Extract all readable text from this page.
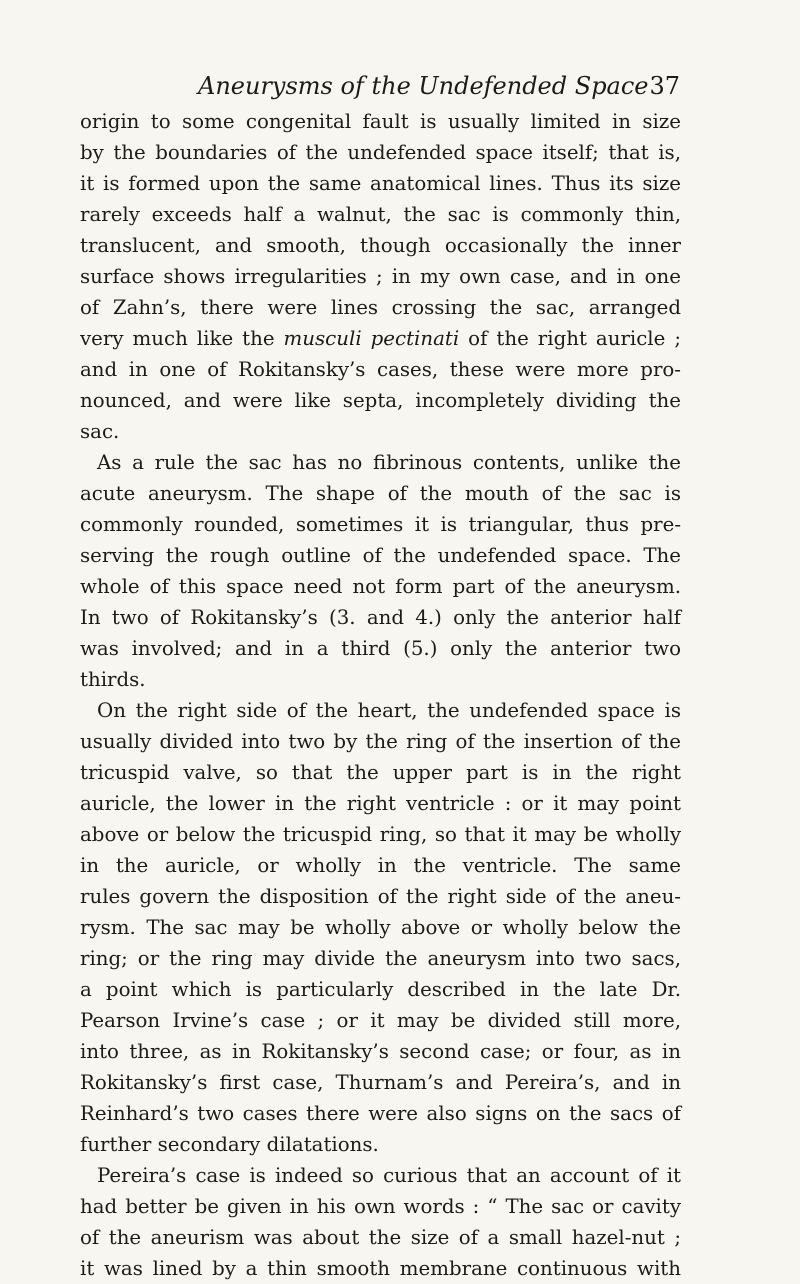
Aneurysms of the Undefended Space 37
origin to some congenital fault is usually limited in size
by the boundaries of the undefended space itself; that is,
it is formed upon the same anatomical lines. Thus its size
rarely exceeds half a walnut, the sac is commonly thin,
translucent, and smooth, though occasionally the inner
surface shows irregularities ; in my own case, and in one
of Zahn’s, there were lines crossing the sac, arranged
very much like the musculi pectinati of the right auricle ;
and in one of Rokitansky’s cases, these were more pro-
nounced, and were like septa, incompletely dividing the
sac.
As a rule the sac has no fibrinous contents, unlike the
acute aneurysm. The shape of the mouth of the sac is
commonly rounded, sometimes it is triangular, thus pre-
serving the rough outline of the undefended space. The
whole of this space need not form part of the aneurysm.
In two of Rokitansky’s (3. and 4.) only the anterior half
was involved; and in a third (5.) only the anterior two
thirds.
On the right side of the heart, the undefended space is
usually divided into two by the ring of the insertion of the
tricuspid valve, so that the upper part is in the right
auricle, the lower in the right ventricle : or it may point
above or below the tricuspid ring, so that it may be wholly
in the auricle, or wholly in the ventricle. The same
rules govern the disposition of the right side of the aneu-
rysm. The sac may be wholly above or wholly below the
ring; or the ring may divide the aneurysm into two sacs,
a point which is particularly described in the late Dr.
Pearson Irvine’s case ; or it may be divided still more,
into three, as in Rokitansky’s second case; or four, as in
Rokitansky’s first case, Thurnam’s and Pereira’s, and in
Reinhard’s two cases there were also signs on the sacs of
further secondary dilatations.
Pereira’s case is indeed so curious that an account of it
had better be given in his own words : “ The sac or cavity
of the aneurism was about the size of a small hazel-nut ;
it was lined by a thin smooth membrane continuous with
